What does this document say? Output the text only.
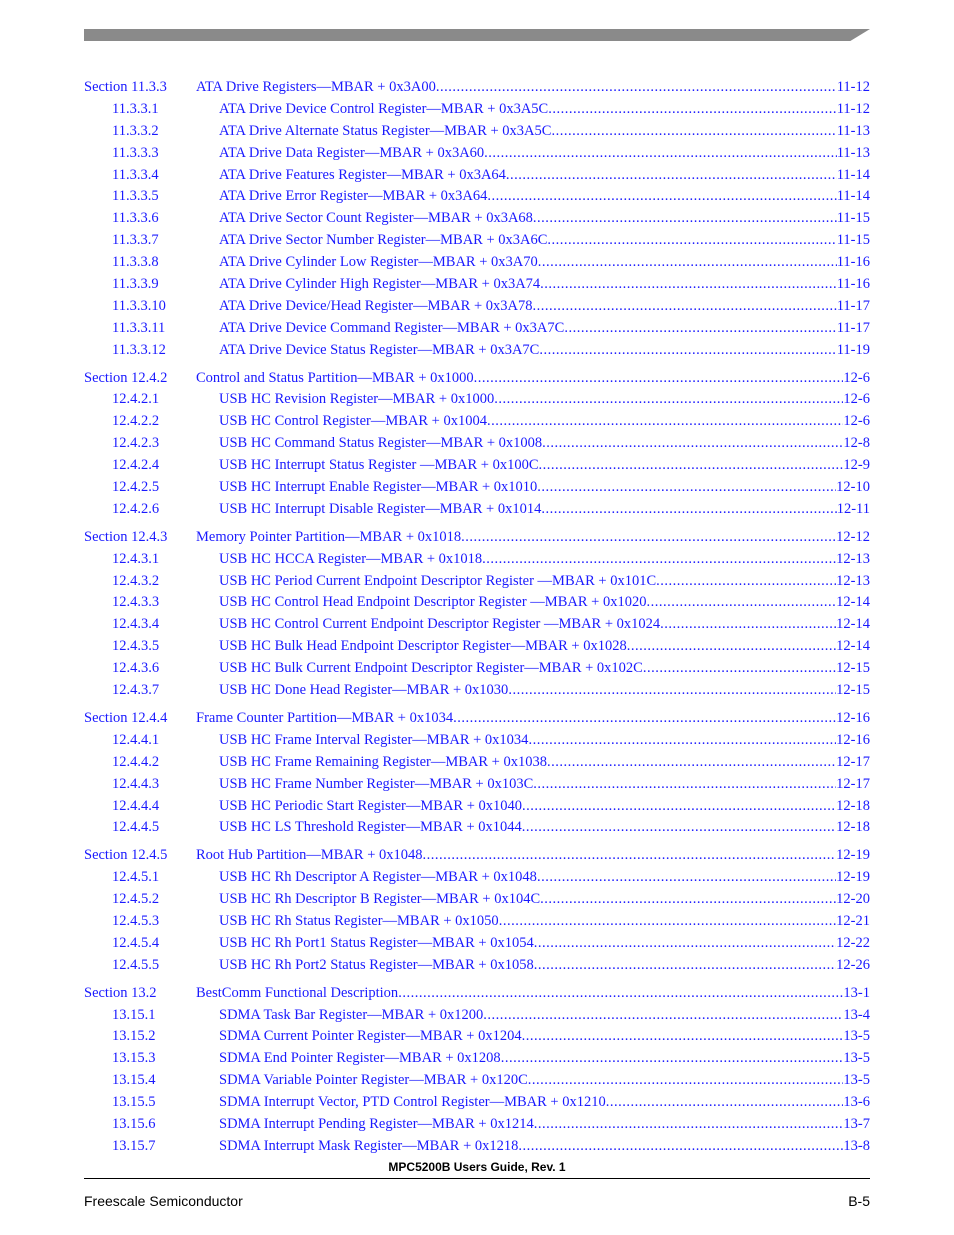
Section 11.3.3 ATA Drive Registers—MBAR + 0x3A00 .....	11-12
11.3.3.1	ATA Drive Device Control Register—MBAR + 0x3A5C .....	11-12
11.3.3.2	ATA Drive Alternate Status Register—MBAR + 0x3A5C .....	11-13
11.3.3.3	ATA Drive Data Register—MBAR + 0x3A60 .....	11-13
11.3.3.4	ATA Drive Features Register—MBAR + 0x3A64 .....	11-14
11.3.3.5	ATA Drive Error Register—MBAR + 0x3A64 .....	11-14
11.3.3.6	ATA Drive Sector Count Register—MBAR + 0x3A68 .....	11-15
11.3.3.7	ATA Drive Sector Number Register—MBAR + 0x3A6C .....	11-15
11.3.3.8	ATA Drive Cylinder Low Register—MBAR + 0x3A70 .....	11-16
11.3.3.9	ATA Drive Cylinder High Register—MBAR + 0x3A74 .....	11-16
11.3.3.10	ATA Drive Device/Head Register—MBAR + 0x3A78 .....	11-17
11.3.3.11	ATA Drive Device Command Register—MBAR + 0x3A7C .....	11-17
11.3.3.12	ATA Drive Device Status Register—MBAR + 0x3A7C .....	11-19
Section 12.4.2 Control and Status Partition—MBAR + 0x1000 .....	12-6
12.4.2.1	USB HC Revision Register—MBAR + 0x1000 .....	12-6
12.4.2.2	USB HC Control Register—MBAR + 0x1004 .....	12-6
12.4.2.3	USB HC Command Status Register—MBAR + 0x1008 .....	12-8
12.4.2.4	USB HC Interrupt Status Register —MBAR + 0x100C .....	12-9
12.4.2.5	USB HC Interrupt Enable Register—MBAR + 0x1010 .....	12-10
12.4.2.6	USB HC Interrupt Disable Register—MBAR + 0x1014 .....	12-11
Section 12.4.3 Memory Pointer Partition—MBAR + 0x1018 .....	12-12
12.4.3.1	USB HC HCCA Register—MBAR + 0x1018 .....	12-13
12.4.3.2	USB HC Period Current Endpoint Descriptor Register —MBAR + 0x101C .....	12-13
12.4.3.3	USB HC Control Head Endpoint Descriptor Register —MBAR + 0x1020 .....	12-14
12.4.3.4	USB HC Control Current Endpoint Descriptor Register —MBAR + 0x1024 .....	12-14
12.4.3.5	USB HC Bulk Head Endpoint Descriptor Register—MBAR + 0x1028 .....	12-14
12.4.3.6	USB HC Bulk Current Endpoint Descriptor Register—MBAR + 0x102C .....	12-15
12.4.3.7	USB HC Done Head Register—MBAR + 0x1030 .....	12-15
Section 12.4.4 Frame Counter Partition—MBAR + 0x1034 .....	12-16
12.4.4.1	USB HC Frame Interval Register—MBAR + 0x1034 .....	12-16
12.4.4.2	USB HC Frame Remaining Register—MBAR + 0x1038 .....	12-17
12.4.4.3	USB HC Frame Number Register—MBAR + 0x103C .....	12-17
12.4.4.4	USB HC Periodic Start Register—MBAR + 0x1040 .....	12-18
12.4.4.5	USB HC LS Threshold Register—MBAR + 0x1044 .....	12-18
Section 12.4.5 Root Hub Partition—MBAR + 0x1048 .....	12-19
12.4.5.1	USB HC Rh Descriptor A Register—MBAR + 0x1048 .....	12-19
12.4.5.2	USB HC Rh Descriptor B Register—MBAR + 0x104C .....	12-20
12.4.5.3	USB HC Rh Status Register—MBAR + 0x1050 .....	12-21
12.4.5.4	USB HC Rh Port1 Status Register—MBAR + 0x1054 .....	12-22
12.4.5.5	USB HC Rh Port2 Status Register—MBAR + 0x1058 .....	12-26
Section 13.2	BestComm Functional Description .....	13-1
13.15.1	SDMA Task Bar Register—MBAR + 0x1200 .....	13-4
13.15.2	SDMA Current Pointer Register—MBAR + 0x1204 .....	13-5
13.15.3	SDMA End Pointer Register—MBAR + 0x1208 .....	13-5
13.15.4	SDMA Variable Pointer Register—MBAR + 0x120C .....	13-5
13.15.5	SDMA Interrupt Vector, PTD Control Register—MBAR + 0x1210 .....	13-6
13.15.6	SDMA Interrupt Pending Register—MBAR + 0x1214 .....	13-7
13.15.7	SDMA Interrupt Mask Register—MBAR + 0x1218 .....	13-8
MPC5200B Users Guide, Rev. 1
Freescale Semiconductor	B-5
